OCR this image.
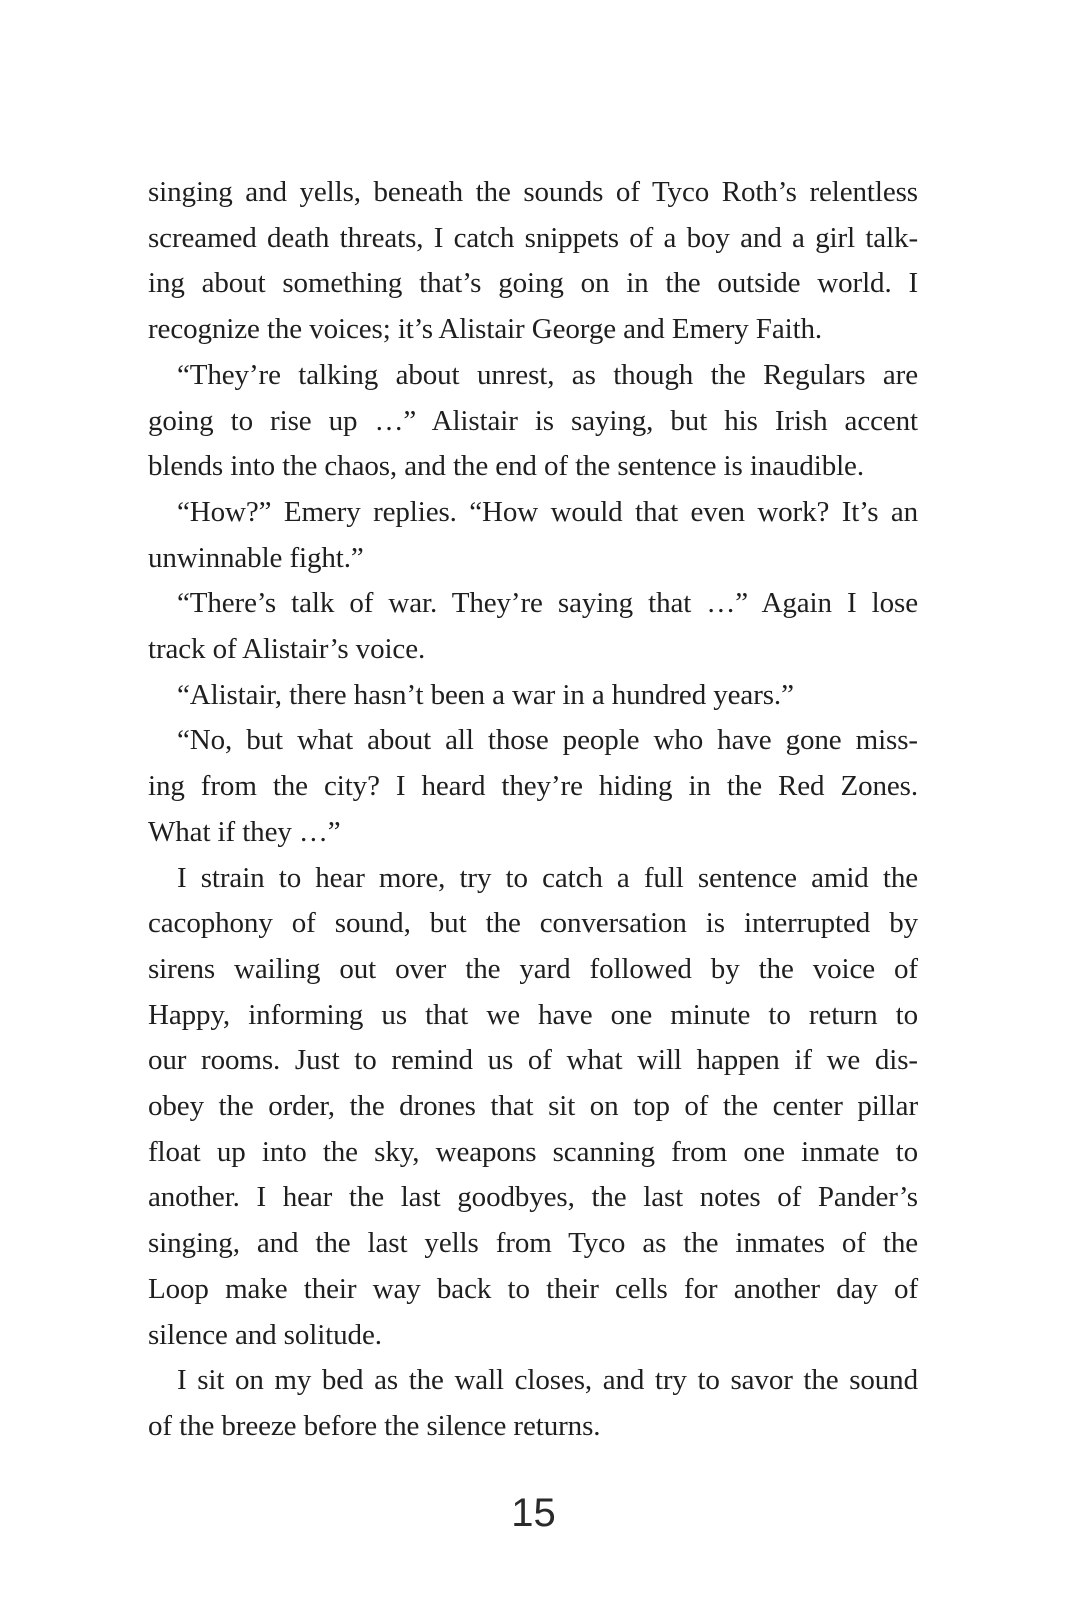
singing and yells, beneath the sounds of Tyco Roth’s relentless
screamed death threats, I catch snippets of a boy and a girl talk-
ing about something that’s going on in the outside world. I
recognize the voices; it’s Alistair George and Emery Faith.

“They’re talking about unrest, as though the Regulars are
going to rise up …” Alistair is saying, but his Irish accent
blends into the chaos, and the end of the sentence is inaudible.

“How?” Emery replies. “How would that even work? It’s an
unwinnable fight.”

“There’s talk of war. They’re saying that …” Again I lose
track of Alistair’s voice.

“Alistair, there hasn’t been a war in a hundred years.”

“No, but what about all those people who have gone miss-
ing from the city? I heard they’re hiding in the Red Zones.
What if they …”

I strain to hear more, try to catch a full sentence amid the
cacophony of sound, but the conversation is interrupted by
sirens wailing out over the yard followed by the voice of
Happy, informing us that we have one minute to return to
our rooms. Just to remind us of what will happen if we dis-
obey the order, the drones that sit on top of the center pillar
float up into the sky, weapons scanning from one inmate to
another. I hear the last goodbyes, the last notes of Pander’s
singing, and the last yells from Tyco as the inmates of the
Loop make their way back to their cells for another day of
silence and solitude.

I sit on my bed as the wall closes, and try to savor the sound
of the breeze before the silence returns.

15
